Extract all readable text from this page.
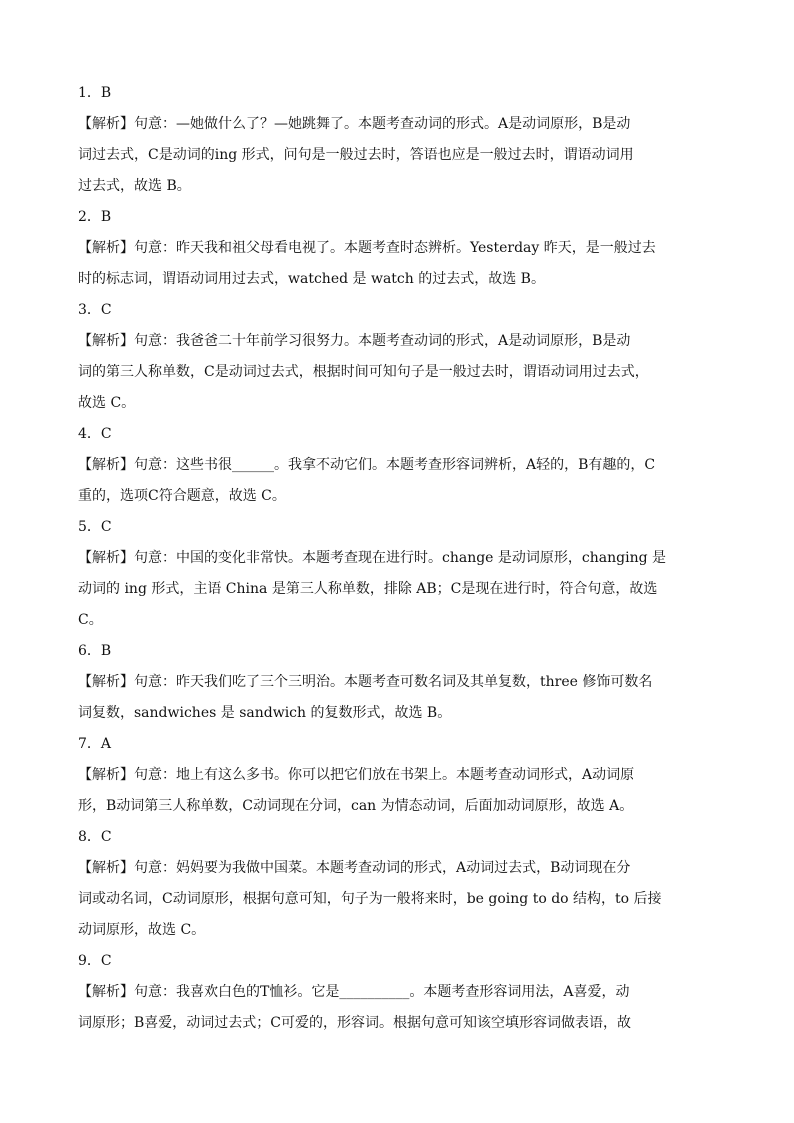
1．B

【解析】句意：—她做什么了？—她跳舞了。本题考查动词的形式。A是动词原形，B是动
词过去式，C是动词的ing 形式，问句是一般过去时，答语也应是一般过去时，谓语动词用
过去式，故选 B。

2．B

【解析】句意：昨天我和祖父母看电视了。本题考查时态辨析。Yesterday 昨天，是一般过去
时的标志词，谓语动词用过去式，watched 是 watch 的过去式，故选 B。

3．C

【解析】句意：我爸爸二十年前学习很努力。本题考查动词的形式，A是动词原形，B是动
词的第三人称单数，C是动词过去式，根据时间可知句子是一般过去时，谓语动词用过去式，
故选 C。

4．C

【解析】句意：这些书很______。我拿不动它们。本题考查形容词辨析，A轻的，B有趣的，C
重的，选项C符合题意，故选 C。

5．C

【解析】句意：中国的变化非常快。本题考查现在进行时。change 是动词原形，changing 是
动词的 ing 形式，主语 China 是第三人称单数，排除 AB；C是现在进行时，符合句意，故选
C。

6．B

【解析】句意：昨天我们吃了三个三明治。本题考查可数名词及其单复数，three 修饰可数名
词复数，sandwiches 是 sandwich 的复数形式，故选 B。

7．A

【解析】句意：地上有这么多书。你可以把它们放在书架上。本题考查动词形式，A动词原
形，B动词第三人称单数，C动词现在分词，can 为情态动词，后面加动词原形，故选 A。

8．C

【解析】句意：妈妈要为我做中国菜。本题考查动词的形式，A动词过去式，B动词现在分
词或动名词，C动词原形，根据句意可知，句子为一般将来时，be going to do 结构，to 后接
动词原形，故选 C。

9．C

【解析】句意：我喜欢白色的T恤衫。它是__________。本题考查形容词用法，A喜爱，动
词原形；B喜爱，动词过去式；C可爱的，形容词。根据句意可知该空填形容词做表语，故
